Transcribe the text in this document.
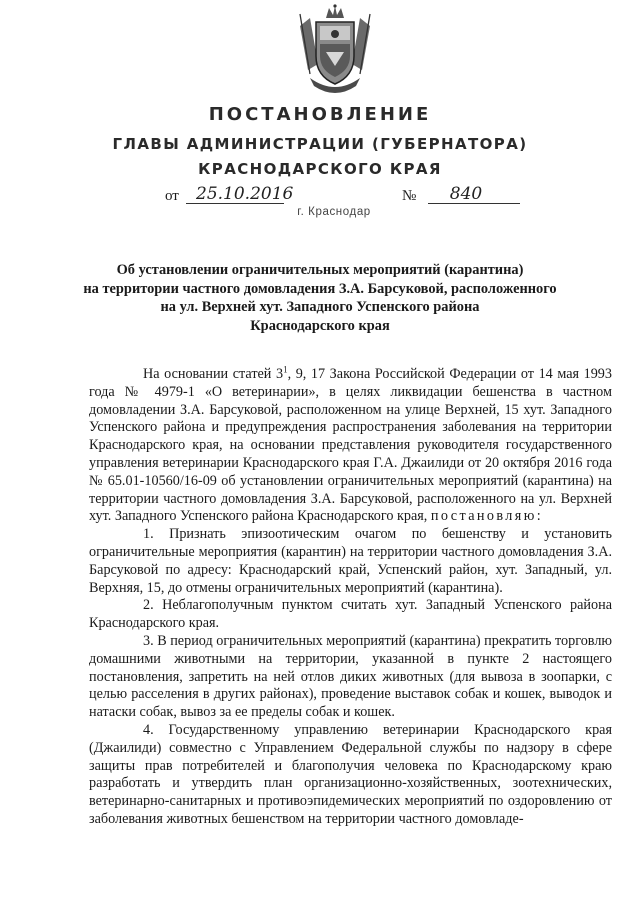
ПОСТАНОВЛЕНИЕ
ГЛАВЫ АДМИНИСТРАЦИИ (ГУБЕРНАТОРА)
КРАСНОДАРСКОГО КРАЯ
от 25.10.2016	№	840
г. Краснодар
Об установлении ограничительных мероприятий (карантина)
на территории частного домовладения З.А. Барсуковой, расположенного
на ул. Верхней хут. Западного Успенского района
Краснодарского края

На основании статей $3^1$, 9, 17 Закона Российской Федерации от 14 мая 1993 года № 4979-1 «О ветеринарии», в целях ликвидации бешенства в частном домовладении З.А. Барсуковой, расположенном на улице Верхней, 15 хут. Западного Успенского района и предупреждения распространения заболевания на территории Краснодарского края, на основании представления руководителя государственного управления ветеринарии Краснодарского края Г.А. Джаилиди от 20 октября 2016 года № 65.01-10560/16-09 об установлении ограничительных мероприятий (карантина) на территории частного домовладения З.А. Барсуковой, расположенного на ул. Верхней хут. Западного Успенского района Краснодарского края, постановляю:

1. Признать эпизоотическим очагом по бешенству и установить ограничительные мероприятия (карантин) на территории частного домовладения З.А. Барсуковой по адресу: Краснодарский край, Успенский район, хут. Западный, ул. Верхняя, 15, до отмены ограничительных мероприятий (карантина).

2. Неблагополучным пунктом считать хут. Западный Успенского района Краснодарского края.

3. В период ограничительных мероприятий (карантина) прекратить торговлю домашними животными на территории, указанной в пункте 2 настоящего постановления, запретить на ней отлов диких животных (для вывоза в зоопарки, с целью расселения в других районах), проведение выставок собак и кошек, выводок и натаски собак, вывоз за ее пределы собак и кошек.

4. Государственному управлению ветеринарии Краснодарского края (Джаилиди) совместно с Управлением Федеральной службы по надзору в сфере защиты прав потребителей и благополучия человека по Краснодарскому краю разработать и утвердить план организационно-хозяйственных, зоотехнических, ветеринарно-санитарных и противоэпидемических мероприятий по оздоровлению от заболевания животных бешенством на территории частного домовладе-
